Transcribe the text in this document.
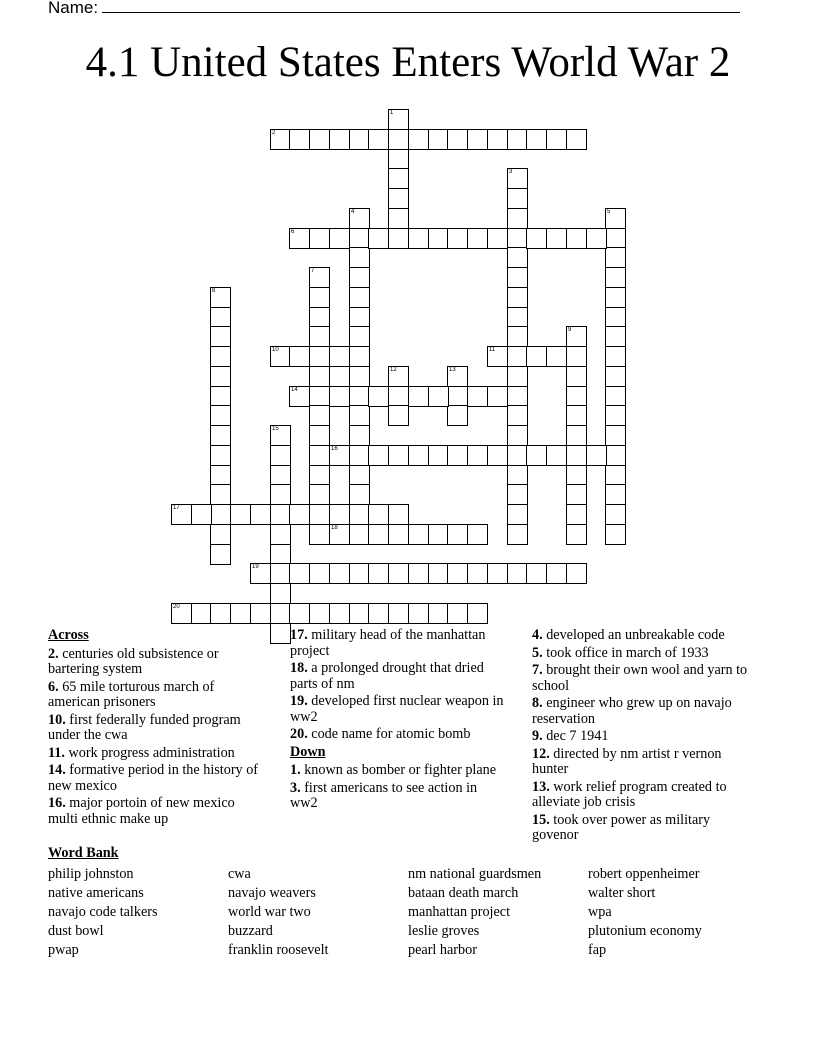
Name:
4.1 United States Enters World War 2
1
2
3
4	5
6
7
8
9
10	11
12	13
14
15
16
17
18
19
20
Across
2. centuries old subsistence or bartering system
6. 65 mile torturous march of american prisoners
10. first federally funded program under the cwa
11. work progress administration
14. formative period in the history of new mexico
16. major portoin of new mexico multi ethnic make up
17. military head of the manhattan project
18. a prolonged drought that dried parts of nm
19. developed first nuclear weapon in ww2
20. code name for atomic bomb
Down
1. known as bomber or fighter plane
3. first americans to see action in ww2
4. developed an unbreakable code
5. took office in march of 1933
7. brought their own wool and yarn to school
8. engineer who grew up on navajo reservation
9. dec 7 1941
12. directed by nm artist r vernon hunter
13. work relief program created to alleviate job crisis
15. took over power as military govenor
Word Bank
philip johnston
native americans
navajo code talkers
dust bowl
pwap
cwa
navajo weavers
world war two
buzzard
franklin roosevelt
nm national guardsmen
bataan death march
manhattan project
leslie groves
pearl harbor
robert oppenheimer
walter short
wpa
plutonium economy
fap
